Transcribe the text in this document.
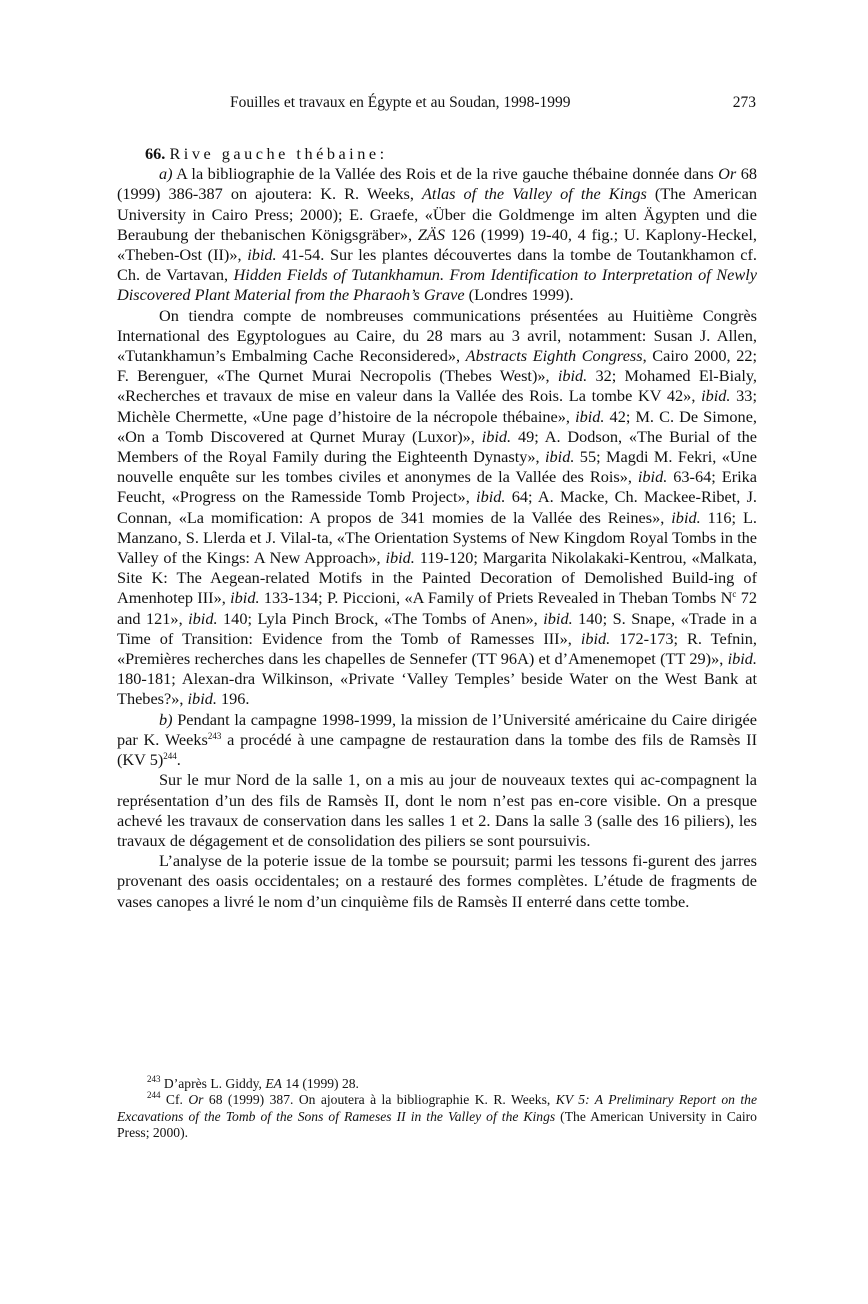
Fouilles et travaux en Égypte et au Soudan, 1998-1999	273

66. Rive gauche thébaine:

a) A la bibliographie de la Vallée des Rois et de la rive gauche thébaine donnée dans Or 68 (1999) 386-387 on ajoutera: K. R. Weeks, Atlas of the Valley of the Kings (The American University in Cairo Press; 2000); E. Graefe, «Über die Goldmenge im alten Ägypten und die Beraubung der thebanischen Königsgräber», ZÄS 126 (1999) 19-40, 4 fig.; U. Kaplony-Heckel, «Theben-Ost (II)», ibid. 41-54. Sur les plantes découvertes dans la tombe de Toutankhamon cf. Ch. de Vartavan, Hidden Fields of Tutankhamun. From Identification to Interpretation of Newly Discovered Plant Material from the Pharaoh’s Grave (Londres 1999).

On tiendra compte de nombreuses communications présentées au Huitième Congrès International des Egyptologues au Caire, du 28 mars au 3 avril, notamment: Susan J. Allen, «Tutankhamun’s Embalming Cache Reconsidered», Abstracts Eighth Congress, Cairo 2000, 22; F. Berenguer, «The Qurnet Murai Necropolis (Thebes West)», ibid. 32; Mohamed El-Bialy, «Recherches et travaux de mise en valeur dans la Vallée des Rois. La tombe KV 42», ibid. 33; Michèle Chermette, «Une page d’histoire de la nécropole thébaine», ibid. 42; M. C. De Simone, «On a Tomb Discovered at Qurnet Muray (Luxor)», ibid. 49; A. Dodson, «The Burial of the Members of the Royal Family during the Eighteenth Dynasty», ibid. 55; Magdi M. Fekri, «Une nouvelle enquête sur les tombes civiles et anonymes de la Vallée des Rois», ibid. 63-64; Erika Feucht, «Progress on the Ramesside Tomb Project», ibid. 64; A. Macke, Ch. Mackee-Ribet, J. Connan, «La momification: A propos de 341 momies de la Vallée des Reines», ibid. 116; L. Manzano, S. Llerda et J. Vilal-ta, «The Orientation Systems of New Kingdom Royal Tombs in the Valley of the Kings: A New Approach», ibid. 119-120; Margarita Nikolakaki-Kentrou, «Malkata, Site K: The Aegean-related Motifs in the Painted Decoration of Demolished Build-ing of Amenhotep III», ibid. 133-134; P. Piccioni, «A Family of Priets Revealed in Theban Tombs $N^c$ 72 and 121», ibid. 140; Lyla Pinch Brock, «The Tombs of Anen», ibid. 140; S. Snape, «Trade in a Time of Transition: Evidence from the Tomb of Ramesses III», ibid. 172-173; R. Tefnin, «Premières recherches dans les chapelles de Sennefer (TT 96A) et d’Amenemopet (TT 29)», ibid. 180-181; Alexan-dra Wilkinson, «Private ‘Valley Temples’ beside Water on the West Bank at Thebes?», ibid. 196.

b) Pendant la campagne 1998-1999, la mission de l’Université américaine du Caire dirigée par K. Weeks$^{243}$ a procédé à une campagne de restauration dans la tombe des fils de Ramsès II (KV 5)$^{244}$.

Sur le mur Nord de la salle 1, on a mis au jour de nouveaux textes qui ac-compagnent la représentation d’un des fils de Ramsès II, dont le nom n’est pas en-core visible. On a presque achevé les travaux de conservation dans les salles 1 et 2. Dans la salle 3 (salle des 16 piliers), les travaux de dégagement et de consolidation des piliers se sont poursuivis.

L’analyse de la poterie issue de la tombe se poursuit; parmi les tessons fi-gurent des jarres provenant des oasis occidentales; on a restauré des formes complètes. L’étude de fragments de vases canopes a livré le nom d’un cinquième fils de Ramsès II enterré dans cette tombe.

$^{243}$ D’après L. Giddy, EA 14 (1999) 28.

$^{244}$ Cf. Or 68 (1999) 387. On ajoutera à la bibliographie K. R. Weeks, KV 5: A Preliminary Report on the Excavations of the Tomb of the Sons of Rameses II in the Valley of the Kings (The American University in Cairo Press; 2000).
